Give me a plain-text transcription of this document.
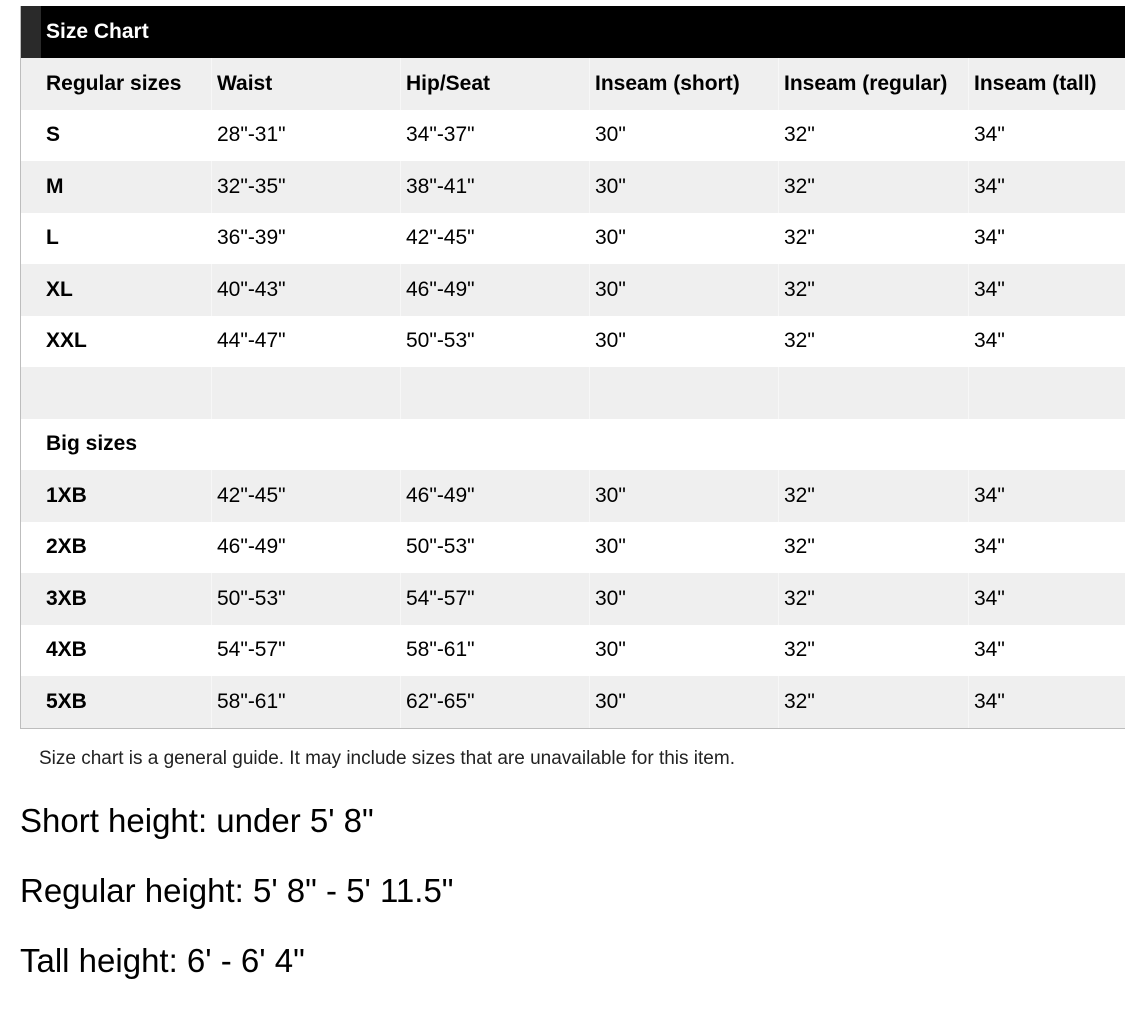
Size Chart
Regular sizes	Waist	Hip/Seat	Inseam (short)	Inseam (regular)	Inseam (tall)
S	28"-31"	34"-37"	30"	32"	34"
M	32"-35"	38"-41"	30"	32"	34"
L	36"-39"	42"-45"	30"	32"	34"
XL	40"-43"	46"-49"	30"	32"	34"
XXL	44"-47"	50"-53"	30"	32"	34"
Big sizes
1XB	42"-45"	46"-49"	30"	32"	34"
2XB	46"-49"	50"-53"	30"	32"	34"
3XB	50"-53"	54"-57"	30"	32"	34"
4XB	54"-57"	58"-61"	30"	32"	34"
5XB	58"-61"	62"-65"	30"	32"	34"
Size chart is a general guide. It may include sizes that are unavailable for this item.
Short height: under 5' 8"
Regular height: 5' 8" - 5' 11.5"
Tall height: 6' - 6' 4"
